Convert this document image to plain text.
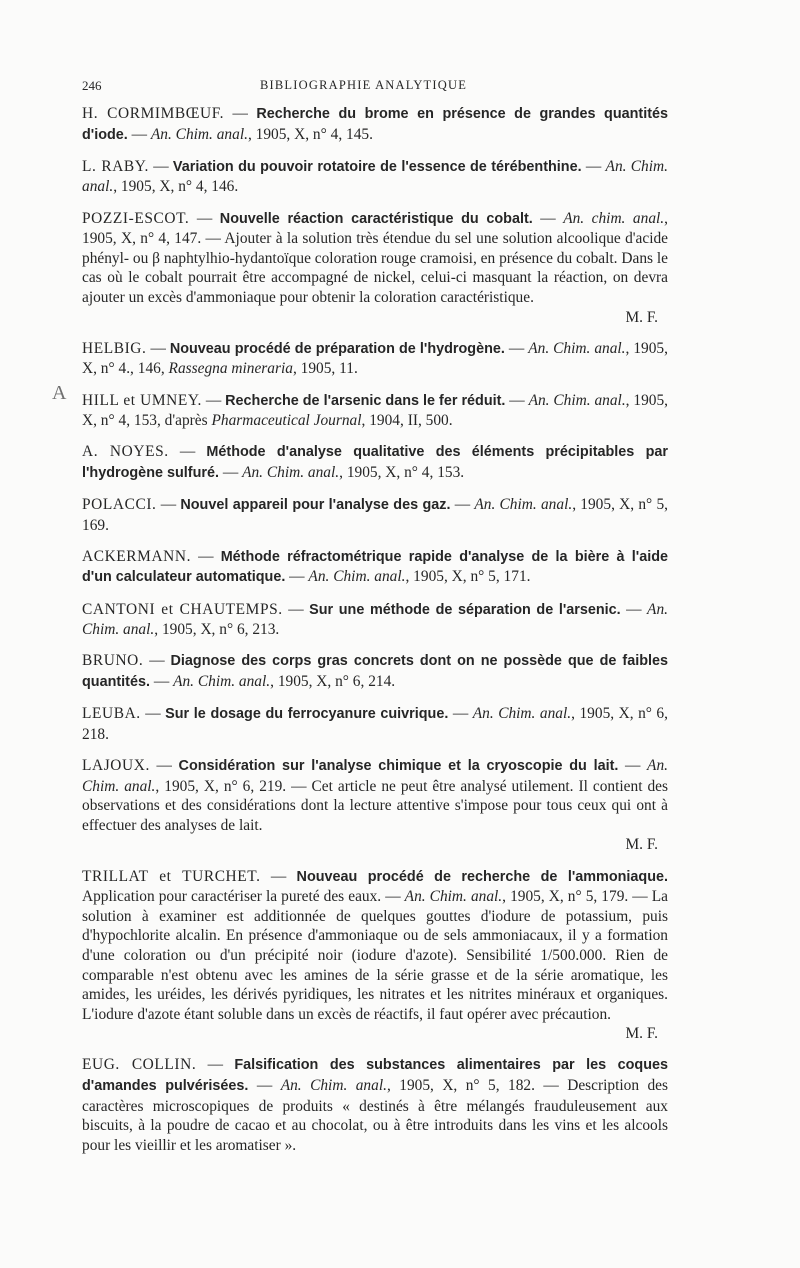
246	BIBLIOGRAPHIE ANALYTIQUE
A

H. CORMIMBŒUF. — Recherche du brome en présence de grandes quantités d'iode. — An. Chim. anal., 1905, X, n° 4, 145.

L. RABY. — Variation du pouvoir rotatoire de l'essence de térébenthine. — An. Chim. anal., 1905, X, n° 4, 146.

POZZI-ESCOT. — Nouvelle réaction caractéristique du cobalt. — An. chim. anal., 1905, X, n° 4, 147. — Ajouter à la solution très étendue du sel une solution alcoolique d'acide phényl- ou β naphtylhio-hydantoïque coloration rouge cramoisi, en présence du cobalt. Dans le cas où le cobalt pourrait être accompagné de nickel, celui-ci masquant la réaction, on devra ajouter un excès d'ammoniaque pour obtenir la coloration caractéristique.
M. F.

HELBIG. — Nouveau procédé de préparation de l'hydrogène. — An. Chim. anal., 1905, X, n° 4., 146, Rassegna mineraria, 1905, 11.

HILL et UMNEY. — Recherche de l'arsenic dans le fer réduit. — An. Chim. anal., 1905, X, n° 4, 153, d'après Pharmaceutical Journal, 1904, II, 500.

A. NOYES. — Méthode d'analyse qualitative des éléments précipitables par l'hydrogène sulfuré. — An. Chim. anal., 1905, X, n° 4, 153.

POLACCI. — Nouvel appareil pour l'analyse des gaz. — An. Chim. anal., 1905, X, n° 5, 169.

ACKERMANN. — Méthode réfractométrique rapide d'analyse de la bière à l'aide d'un calculateur automatique. — An. Chim. anal., 1905, X, n° 5, 171.

CANTONI et CHAUTEMPS. — Sur une méthode de séparation de l'arsenic. — An. Chim. anal., 1905, X, n° 6, 213.

BRUNO. — Diagnose des corps gras concrets dont on ne possède que de faibles quantités. — An. Chim. anal., 1905, X, n° 6, 214.

LEUBA. — Sur le dosage du ferrocyanure cuivrique. — An. Chim. anal., 1905, X, n° 6, 218.

LAJOUX. — Considération sur l'analyse chimique et la cryoscopie du lait. — An. Chim. anal., 1905, X, n° 6, 219. — Cet article ne peut être analysé utilement. Il contient des observations et des considérations dont la lecture attentive s'impose pour tous ceux qui ont à effectuer des analyses de lait.
M. F.

TRILLAT et TURCHET. — Nouveau procédé de recherche de l'ammoniaque. Application pour caractériser la pureté des eaux. — An. Chim. anal., 1905, X, n° 5, 179. — La solution à examiner est additionnée de quelques gouttes d'iodure de potassium, puis d'hypochlorite alcalin. En présence d'ammoniaque ou de sels ammoniacaux, il y a formation d'une coloration ou d'un précipité noir (iodure d'azote). Sensibilité 1/500.000. Rien de comparable n'est obtenu avec les amines de la série grasse et de la série aromatique, les amides, les uréides, les dérivés pyridiques, les nitrates et les nitrites minéraux et organiques. L'iodure d'azote étant soluble dans un excès de réactifs, il faut opérer avec précaution.
M. F.

EUG. COLLIN. — Falsification des substances alimentaires par les coques d'amandes pulvérisées. — An. Chim. anal., 1905, X, n° 5, 182. — Description des caractères microscopiques de produits « destinés à être mélangés frauduleusement aux biscuits, à la poudre de cacao et au chocolat, ou à être introduits dans les vins et les alcools pour les vieillir et les aromatiser ».
